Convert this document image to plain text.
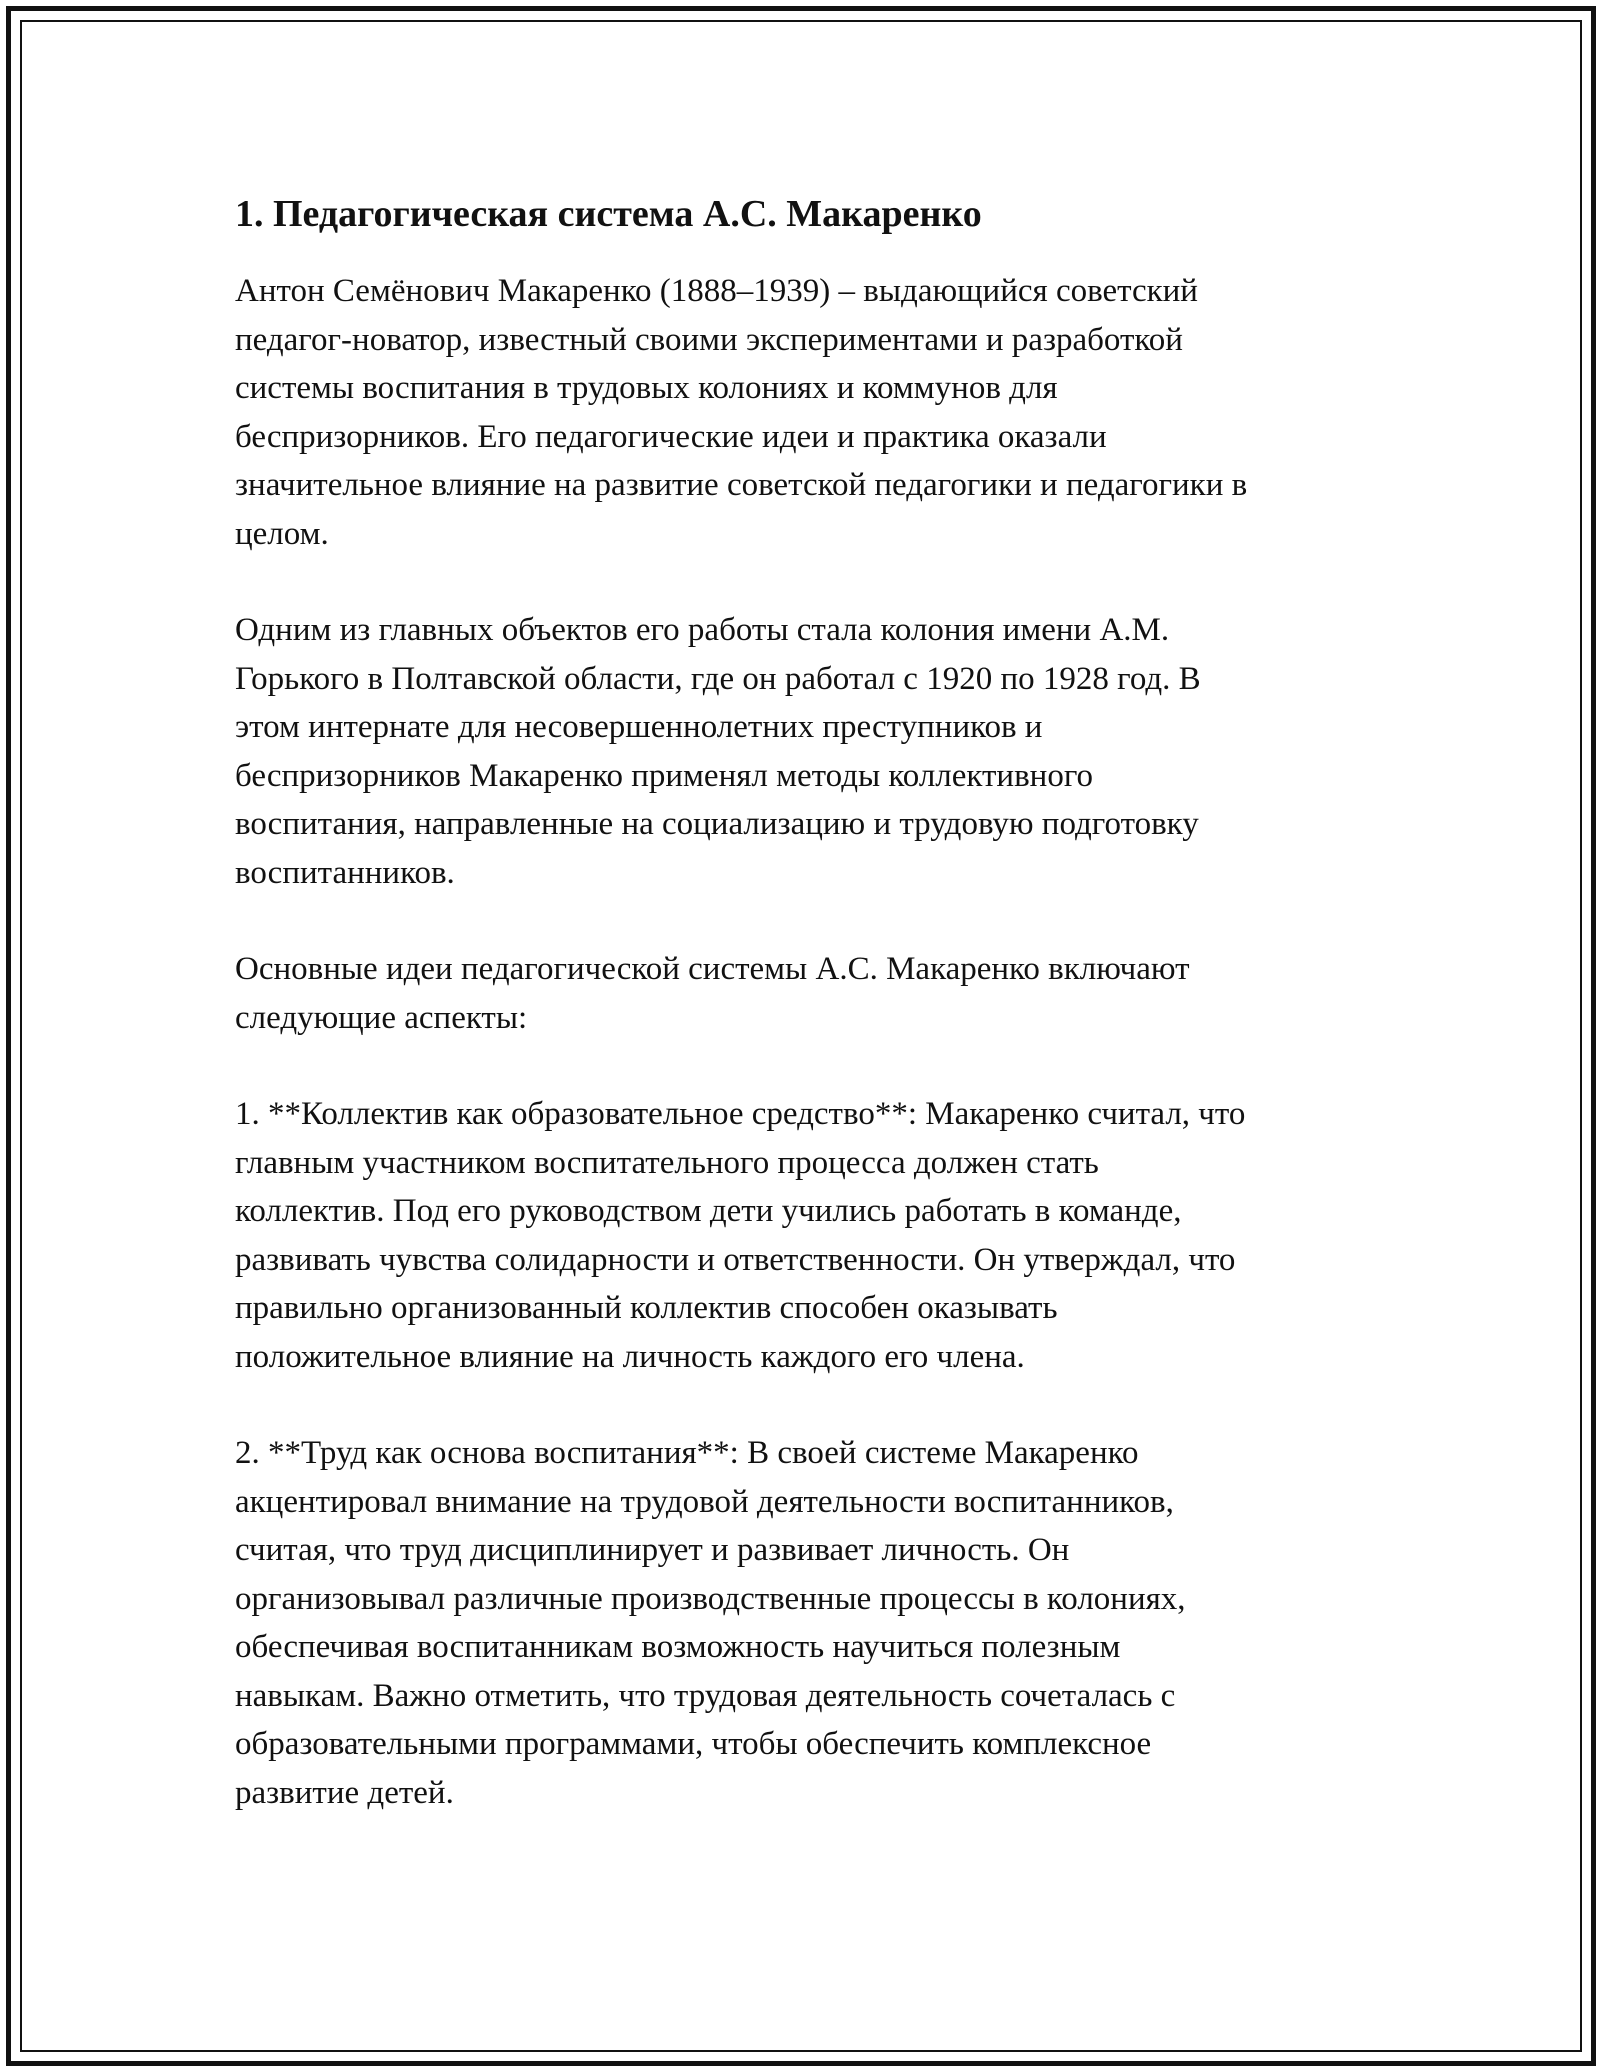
1. Педагогическая система А.С. Макаренко

Антон Семёнович Макаренко (1888–1939) – выдающийся советский
педагог-новатор, известный своими экспериментами и разработкой
системы воспитания в трудовых колониях и коммунов для
беспризорников. Его педагогические идеи и практика оказали
значительное влияние на развитие советской педагогики и педагогики в
целом.

Одним из главных объектов его работы стала колония имени А.М.
Горького в Полтавской области, где он работал с 1920 по 1928 год. В
этом интернате для несовершеннолетних преступников и
беспризорников Макаренко применял методы коллективного
воспитания, направленные на социализацию и трудовую подготовку
воспитанников.

Основные идеи педагогической системы А.С. Макаренко включают
следующие аспекты:

1. **Коллектив как образовательное средство**: Макаренко считал, что
главным участником воспитательного процесса должен стать
коллектив. Под его руководством дети учились работать в команде,
развивать чувства солидарности и ответственности. Он утверждал, что
правильно организованный коллектив способен оказывать
положительное влияние на личность каждого его члена.

2. **Труд как основа воспитания**: В своей системе Макаренко
акцентировал внимание на трудовой деятельности воспитанников,
считая, что труд дисциплинирует и развивает личность. Он
организовывал различные производственные процессы в колониях,
обеспечивая воспитанникам возможность научиться полезным
навыкам. Важно отметить, что трудовая деятельность сочеталась с
образовательными программами, чтобы обеспечить комплексное
развитие детей.
